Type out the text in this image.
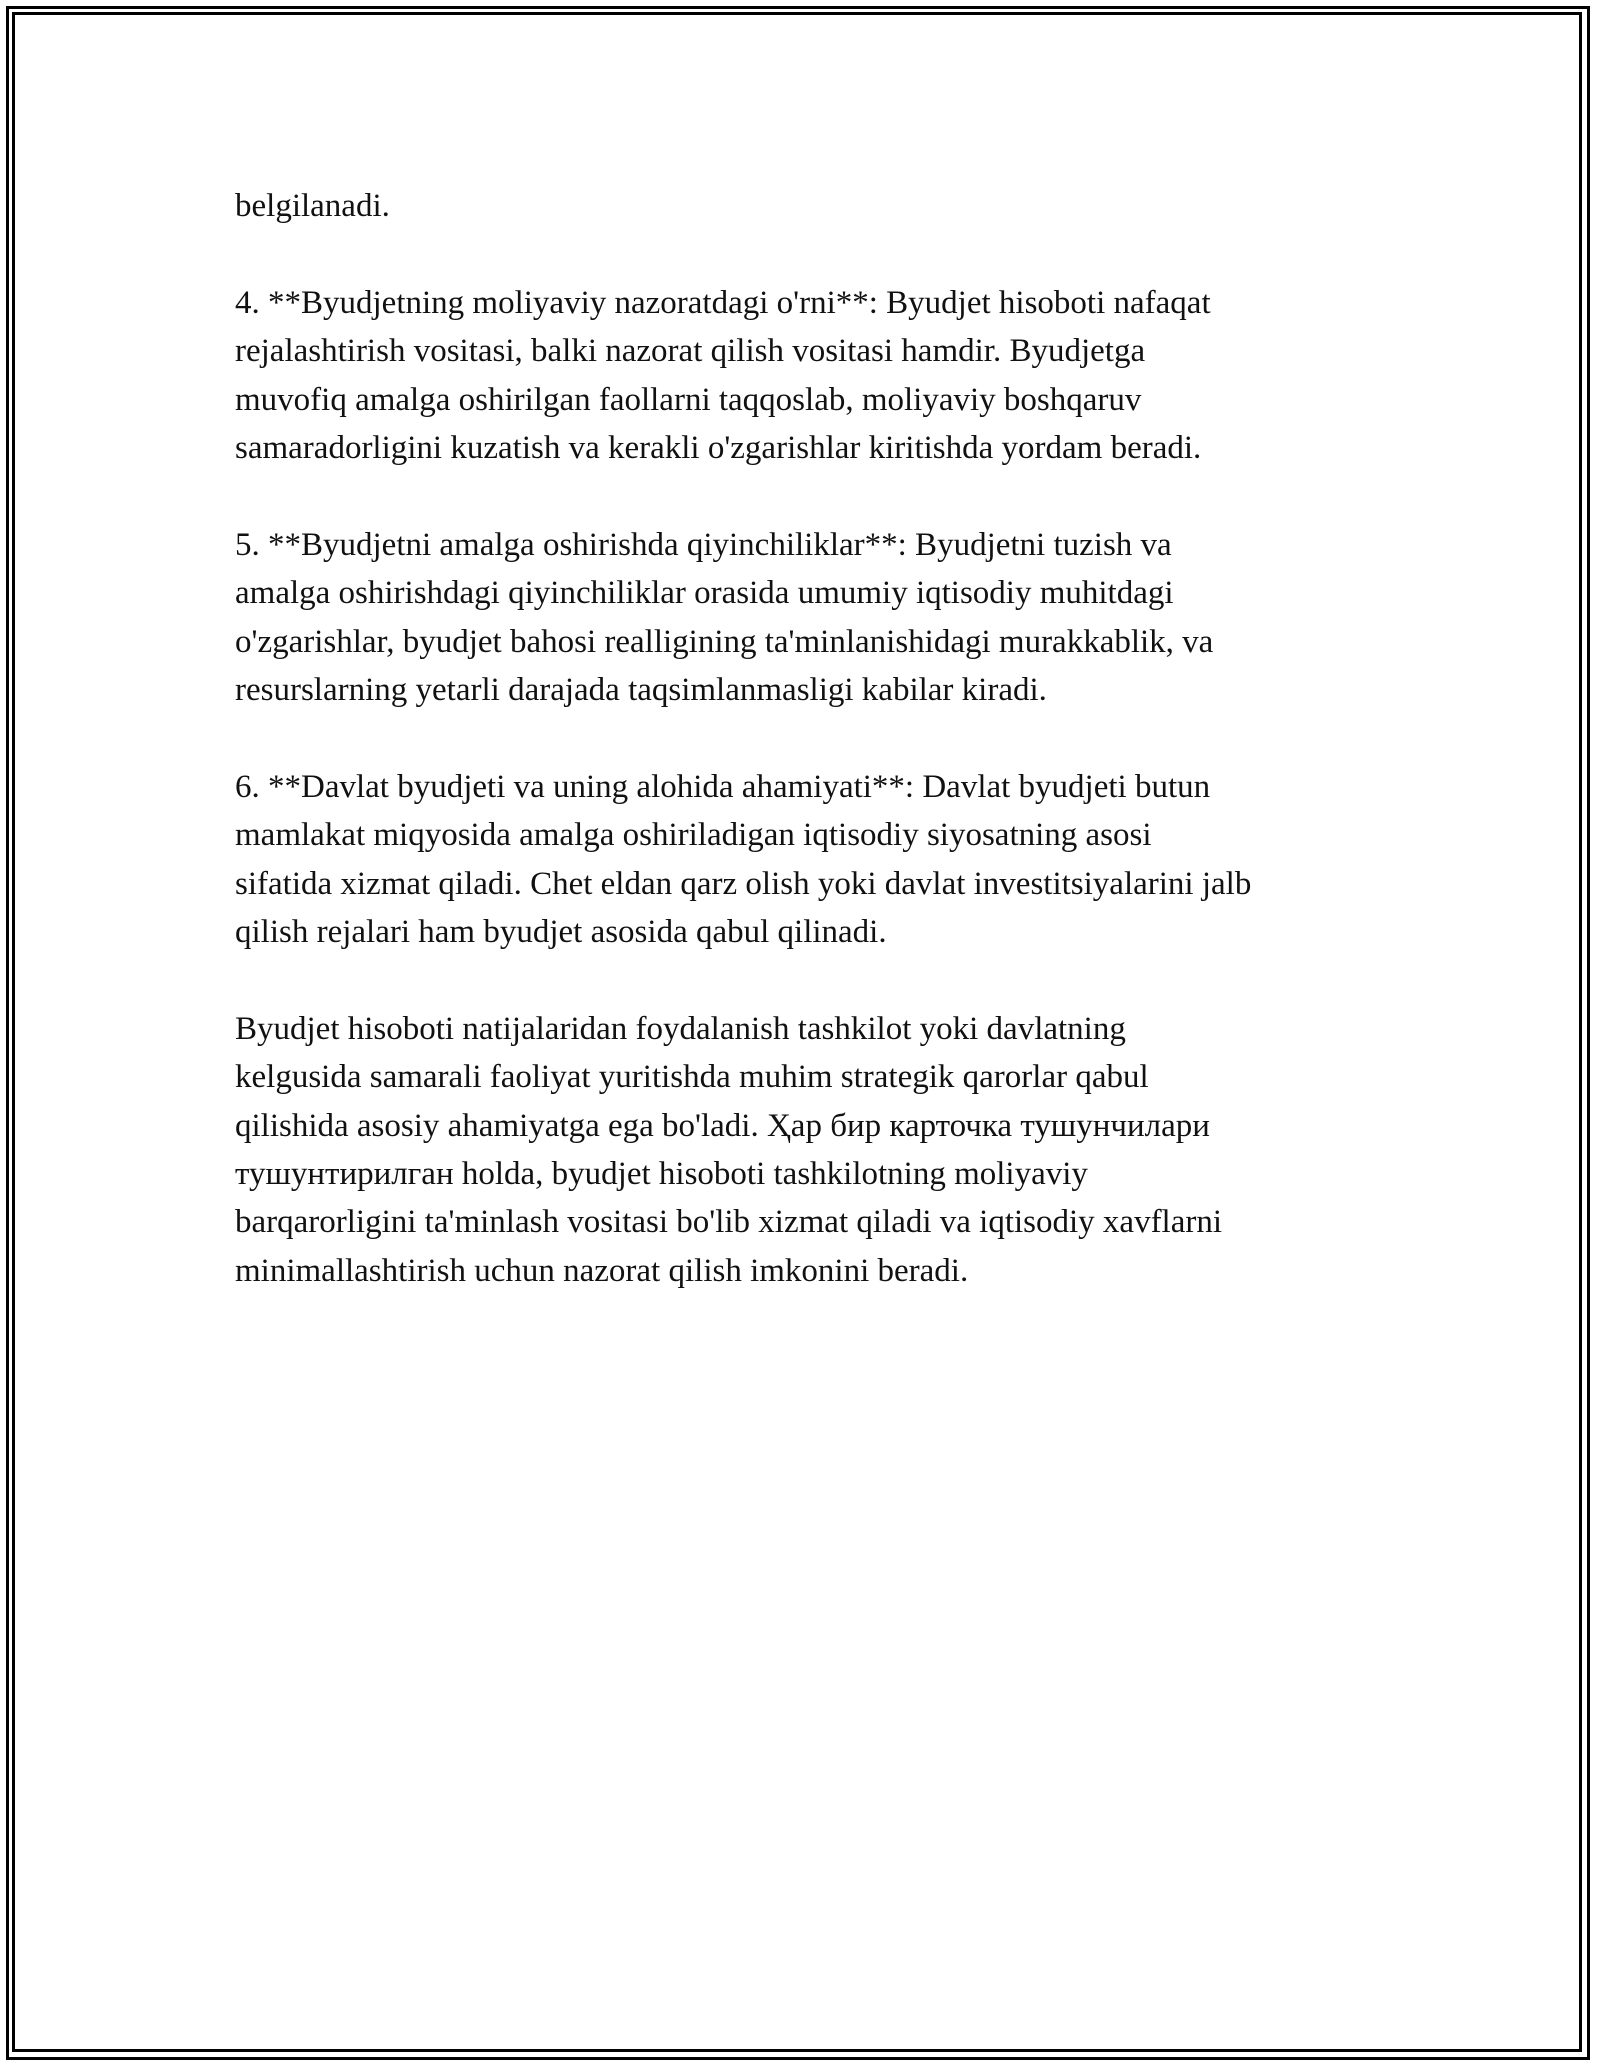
belgilanadi.

4. **Byudjetning moliyaviy nazoratdagi o'rni**: Byudjet hisoboti nafaqat
rejalashtirish vositasi, balki nazorat qilish vositasi hamdir. Byudjetga
muvofiq amalga oshirilgan faollarni taqqoslab, moliyaviy boshqaruv
samaradorligini kuzatish va kerakli o'zgarishlar kiritishda yordam beradi.

5. **Byudjetni amalga oshirishda qiyinchiliklar**: Byudjetni tuzish va
amalga oshirishdagi qiyinchiliklar orasida umumiy iqtisodiy muhitdagi
o'zgarishlar, byudjet bahosi realligining ta'minlanishidagi murakkablik, va
resurslarning yetarli darajada taqsimlanmasligi kabilar kiradi.

6. **Davlat byudjeti va uning alohida ahamiyati**: Davlat byudjeti butun
mamlakat miqyosida amalga oshiriladigan iqtisodiy siyosatning asosi
sifatida xizmat qiladi. Chet eldan qarz olish yoki davlat investitsiyalarini jalb
qilish rejalari ham byudjet asosida qabul qilinadi.

Byudjet hisoboti natijalaridan foydalanish tashkilot yoki davlatning
kelgusida samarali faoliyat yuritishda muhim strategik qarorlar qabul
qilishida asosiy ahamiyatga ega bo'ladi. Ҳар бир карточка тушунчилари
тушунтирилган holda, byudjet hisoboti tashkilotning moliyaviy
barqarorligini ta'minlash vositasi bo'lib xizmat qiladi va iqtisodiy xavflarni
minimallashtirish uchun nazorat qilish imkonini beradi.
